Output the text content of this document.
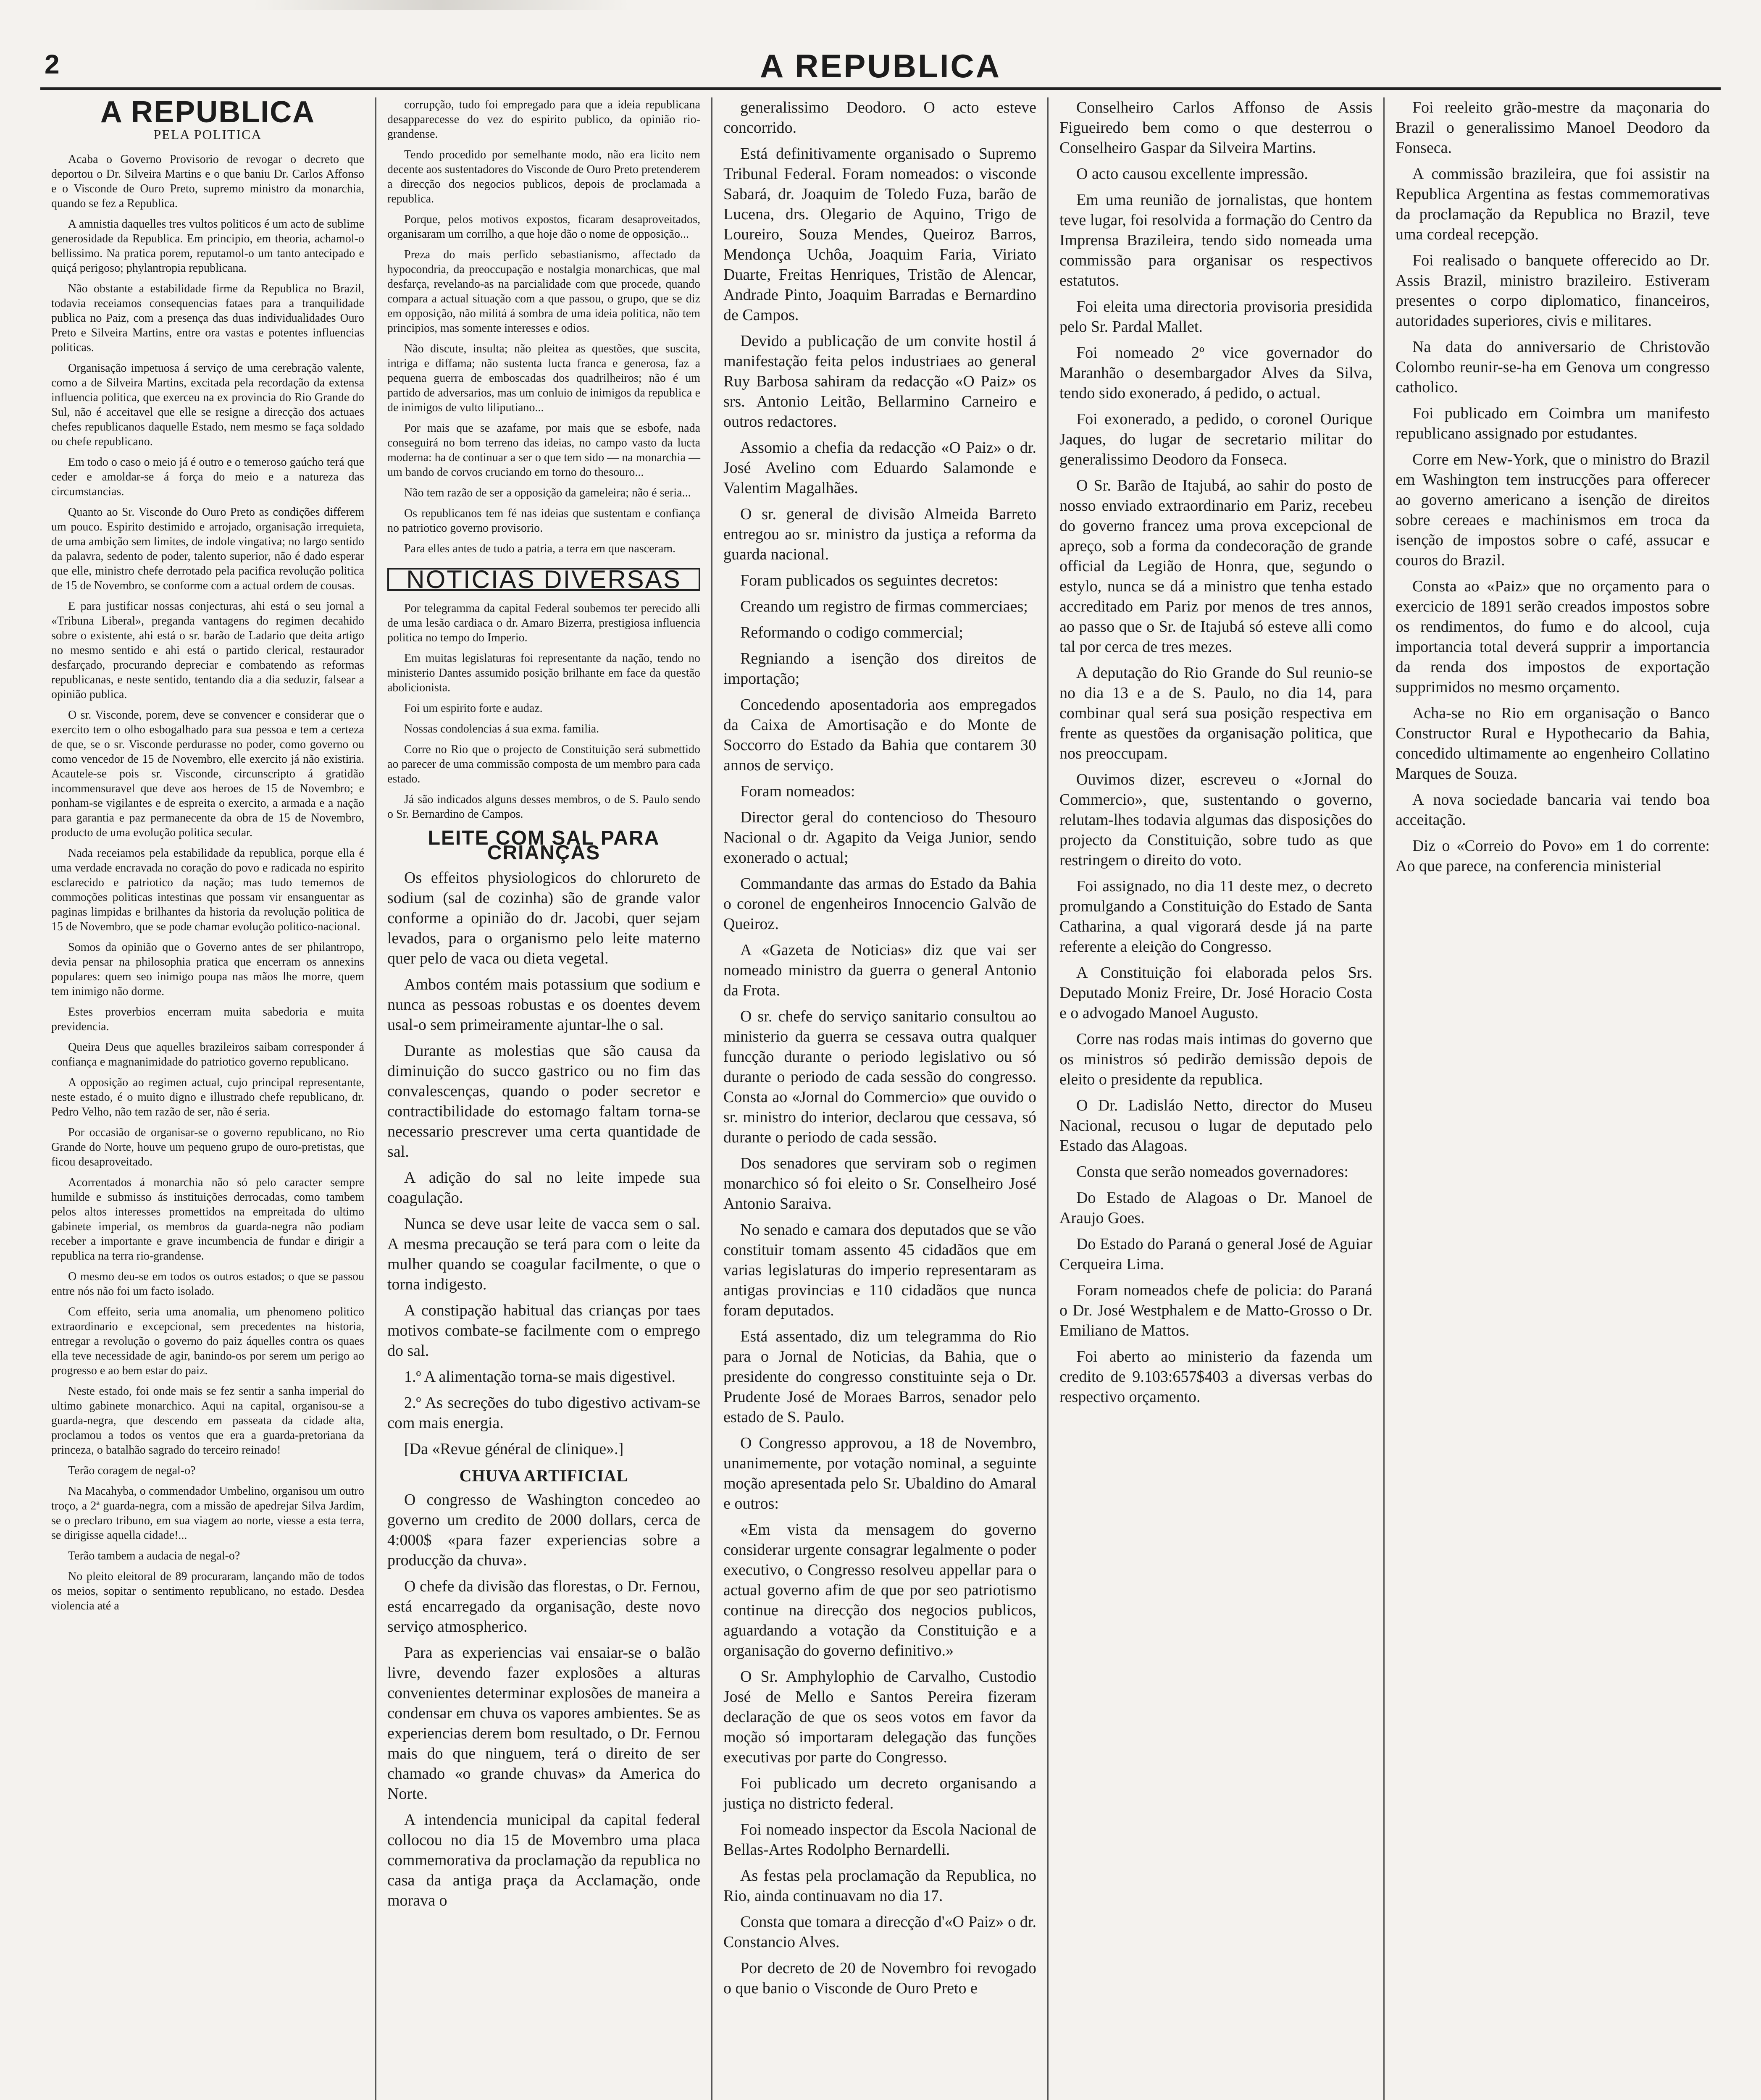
2	A REPUBLICA
A REPUBLICA
PELA POLITICA

Acaba o Governo Provisorio de revogar o decreto que deportou o Dr. Silveira Martins e o que baniu Dr. Carlos Affonso e o Visconde de Ouro Preto, supremo ministro da monarchia, quando se fez a Republica.

A amnistia daquelles tres vultos politicos é um acto de sublime generosidade da Republica. Em principio, em theoria, achamol-o bellissimo. Na pratica porem, reputamol-o um tanto antecipado e quiçá perigoso; phylantropia republicana.

Não obstante a estabilidade firme da Republica no Brazil, todavia receiamos consequencias fataes para a tranquilidade publica no Paiz, com a presença das duas individualidades Ouro Preto e Silveira Martins, entre ora vastas e potentes influencias politicas.

Organisação impetuosa á serviço de uma cerebração valente, como a de Silveira Martins, excitada pela recordação da extensa influencia politica, que exerceu na ex provincia do Rio Grande do Sul, não é acceitavel que elle se resigne a direcção dos actuaes chefes republicanos daquelle Estado, nem mesmo se faça soldado ou chefe republicano.

Em todo o caso o meio já é outro e o temeroso gaúcho terá que ceder e amoldar-se á força do meio e a natureza das circumstancias.

Quanto ao Sr. Visconde do Ouro Preto as condições differem um pouco. Espirito destimido e arrojado, organisação irrequieta, de uma ambição sem limites, de indole vingativa; no largo sentido da palavra, sedento de poder, talento superior, não é dado esperar que elle, ministro chefe derrotado pela pacifica revolução politica de 15 de Novembro, se conforme com a actual ordem de cousas.

E para justificar nossas conjecturas, ahi está o seu jornal a «Tribuna Liberal», preganda vantagens do regimen decahido sobre o existente, ahi está o sr. barão de Ladario que deita artigo no mesmo sentido e ahi está o partido clerical, restaurador desfarçado, procurando depreciar e combatendo as reformas republicanas, e neste sentido, tentando dia a dia seduzir, falsear a opinião publica.

O sr. Visconde, porem, deve se convencer e considerar que o exercito tem o olho esbogalhado para sua pessoa e tem a certeza de que, se o sr. Visconde perdurasse no poder, como governo ou como vencedor de 15 de Novembro, elle exercito já não existiria. Acautele-se pois sr. Visconde, circunscripto á gratidão incommensuravel que deve aos heroes de 15 de Novembro; e ponham-se vigilantes e de espreita o exercito, a armada e a nação para garantia e paz permanecente da obra de 15 de Novembro, producto de uma evolução politica secular.

Nada receiamos pela estabilidade da republica, porque ella é uma verdade encravada no coração do povo e radicada no espirito esclarecido e patriotico da nação; mas tudo tememos de commoções politicas intestinas que possam vir ensanguentar as paginas limpidas e brilhantes da historia da revolução politica de 15 de Novembro, que se pode chamar evolução politico-nacional.

Somos da opinião que o Governo antes de ser philantropo, devia pensar na philosophia pratica que encerram os annexins populares: quem seo inimigo poupa nas mãos lhe morre, quem tem inimigo não dorme.

Estes proverbios encerram muita sabedoria e muita previdencia.

Queira Deus que aquelles brazileiros saibam corresponder á confiança e magnanimidade do patriotico governo republicano.

A opposição ao regimen actual, cujo principal representante, neste estado, é o muito digno e illustrado chefe republicano, dr. Pedro Velho, não tem razão de ser, não é seria.

Por occasião de organisar-se o governo republicano, no Rio Grande do Norte, houve um pequeno grupo de ouro-pretistas, que ficou desaproveitado.

Acorrentados á monarchia não só pelo caracter sempre humilde e submisso ás instituições derrocadas, como tambem pelos altos interesses promettidos na empreitada do ultimo gabinete imperial, os membros da guarda-negra não podiam receber a importante e grave incumbencia de fundar e dirigir a republica na terra rio-grandense.

O mesmo deu-se em todos os outros estados; o que se passou entre nós não foi um facto isolado.

Com effeito, seria uma anomalia, um phenomeno politico extraordinario e excepcional, sem precedentes na historia, entregar a revolução o governo do paiz áquelles contra os quaes ella teve necessidade de agir, banindo-os por serem um perigo ao progresso e ao bem estar do paiz.

Neste estado, foi onde mais se fez sentir a sanha imperial do ultimo gabinete monarchico. Aqui na capital, organisou-se a guarda-negra, que descendo em passeata da cidade alta, proclamou a todos os ventos que era a guarda-pretoriana da princeza, o batalhão sagrado do terceiro reinado!

Terão coragem de negal-o?

Na Macahyba, o commendador Umbelino, organisou um outro troço, a 2ª guarda-negra, com a missão de apedrejar Silva Jardim, se o preclaro tribuno, em sua viagem ao norte, viesse a esta terra, se dirigisse aquella cidade!...

Terão tambem a audacia de negal-o?

No pleito eleitoral de 89 procuraram, lançando mão de todos os meios, sopitar o sentimento republicano, no estado. Desdea violencia até a

corrupção, tudo foi empregado para que a ideia republicana desapparecesse do vez do espirito publico, da opinião rio-grandense.

Tendo procedido por semelhante modo, não era licito nem decente aos sustentadores do Visconde de Ouro Preto pretenderem a direcção dos negocios publicos, depois de proclamada a republica.

Porque, pelos motivos expostos, ficaram desaproveitados, organisaram um corrilho, a que hoje dão o nome de opposição...

Preza do mais perfido sebastianismo, affectado da hypocondria, da preoccupação e nostalgia monarchicas, que mal desfarça, revelando-as na parcialidade com que procede, quando compara a actual situação com a que passou, o grupo, que se diz em opposição, não militá á sombra de uma ideia politica, não tem principios, mas somente interesses e odios.

Não discute, insulta; não pleitea as questões, que suscita, intriga e diffama; não sustenta lucta franca e generosa, faz a pequena guerra de emboscadas dos quadrilheiros; não é um partido de adversarios, mas um conluio de inimigos da republica e de inimigos de vulto liliputiano...

Por mais que se azafame, por mais que se esbofe, nada conseguirá no bom terreno das ideias, no campo vasto da lucta moderna: ha de continuar a ser o que tem sido — na monarchia — um bando de corvos cruciando em torno do thesouro...

Não tem razão de ser a opposição da gameleira; não é seria...

Os republicanos tem fé nas ideias que sustentam e confiança no patriotico governo provisorio.

Para elles antes de tudo a patria, a terra em que nasceram.

NOTICIAS DIVERSAS

Por telegramma da capital Federal soubemos ter perecido alli de uma lesão cardiaca o dr. Amaro Bizerra, prestigiosa influencia politica no tempo do Imperio.

Em muitas legislaturas foi representante da nação, tendo no ministerio Dantes assumido posição brilhante em face da questão abolicionista.

Foi um espirito forte e audaz.

Nossas condolencias á sua exma. familia.

Corre no Rio que o projecto de Constituição será submettido ao parecer de uma commissão composta de um membro para cada estado.

Já são indicados alguns desses membros, o de S. Paulo sendo o Sr. Bernardino de Campos.

LEITE COM SAL PARA CRIANÇAS

Os effeitos physiologicos do chlorureto de sodium (sal de cozinha) são de grande valor conforme a opinião do dr. Jacobi, quer sejam levados, para o organismo pelo leite materno quer pelo de vaca ou dieta vegetal.

Ambos contém mais potassium que sodium e nunca as pessoas robustas e os doentes devem usal-o sem primeiramente ajuntar-lhe o sal.

Durante as molestias que são causa da diminuição do succo gastrico ou no fim das convalescenças, quando o poder secretor e contractibilidade do estomago faltam torna-se necessario prescrever uma certa quantidade de sal.

A adição do sal no leite impede sua coagulação.

Nunca se deve usar leite de vacca sem o sal. A mesma precaução se terá para com o leite da mulher quando se coagular facilmente, o que o torna indigesto.

A constipação habitual das crianças por taes motivos combate-se facilmente com o emprego do sal.

1.º A alimentação torna-se mais digestivel.

2.º As secreções do tubo digestivo activam-se com mais energia.

[Da «Revue général de clinique».]

CHUVA ARTIFICIAL

O congresso de Washington concedeo ao governo um credito de 2000 dollars, cerca de 4:000$ «para fazer experiencias sobre a producção da chuva».

O chefe da divisão das florestas, o Dr. Fernou, está encarregado da organisação, deste novo serviço atmospherico.

Para as experiencias vai ensaiar-se o balão livre, devendo fazer explosões a alturas convenientes determinar explosões de maneira a condensar em chuva os vapores ambientes. Se as experiencias derem bom resultado, o Dr. Fernou mais do que ninguem, terá o direito de ser chamado «o grande chuvas» da America do Norte.

A intendencia municipal da capital federal collocou no dia 15 de Movembro uma placa commemorativa da proclamação da republica no casa da antiga praça da Acclamação, onde morava o

generalissimo Deodoro. O acto esteve concorrido.

Está definitivamente organisado o Supremo Tribunal Federal. Foram nomeados: o visconde Sabará, dr. Joaquim de Toledo Fuza, barão de Lucena, drs. Olegario de Aquino, Trigo de Loureiro, Souza Mendes, Queiroz Barros, Mendonça Uchôa, Joaquim Faria, Viriato Duarte, Freitas Henriques, Tristão de Alencar, Andrade Pinto, Joaquim Barradas e Bernardino de Campos.

Devido a publicação de um convite hostil á manifestação feita pelos industriaes ao general Ruy Barbosa sahiram da redacção «O Paiz» os srs. Antonio Leitão, Bellarmino Carneiro e outros redactores.

Assomio a chefia da redacção «O Paiz» o dr. José Avelino com Eduardo Salamonde e Valentim Magalhães.

O sr. general de divisão Almeida Barreto entregou ao sr. ministro da justiça a reforma da guarda nacional.

Foram publicados os seguintes decretos:

Creando um registro de firmas commerciaes;

Reformando o codigo commercial;

Regniando a isenção dos direitos de importação;

Concedendo aposentadoria aos empregados da Caixa de Amortisação e do Monte de Soccorro do Estado da Bahia que contarem 30 annos de serviço.

Foram nomeados:

Director geral do contencioso do Thesouro Nacional o dr. Agapito da Veiga Junior, sendo exonerado o actual;

Commandante das armas do Estado da Bahia o coronel de engenheiros Innocencio Galvão de Queiroz.

A «Gazeta de Noticias» diz que vai ser nomeado ministro da guerra o general Antonio da Frota.

O sr. chefe do serviço sanitario consultou ao ministerio da guerra se cessava outra qualquer funcção durante o periodo legislativo ou só durante o periodo de cada sessão do congresso. Consta ao «Jornal do Commercio» que ouvido o sr. ministro do interior, declarou que cessava, só durante o periodo de cada sessão.

Dos senadores que serviram sob o regimen monarchico só foi eleito o Sr. Conselheiro José Antonio Saraiva.

No senado e camara dos deputados que se vão constituir tomam assento 45 cidadãos que em varias legislaturas do imperio representaram as antigas provincias e 110 cidadãos que nunca foram deputados.

Está assentado, diz um telegramma do Rio para o Jornal de Noticias, da Bahia, que o presidente do congresso constituinte seja o Dr. Prudente José de Moraes Barros, senador pelo estado de S. Paulo.

O Congresso approvou, a 18 de Novembro, unanimemente, por votação nominal, a seguinte moção apresentada pelo Sr. Ubaldino do Amaral e outros:

«Em vista da mensagem do governo considerar urgente consagrar legalmente o poder executivo, o Congresso resolveu appellar para o actual governo afim de que por seo patriotismo continue na direcção dos negocios publicos, aguardando a votação da Constituição e a organisação do governo definitivo.»

O Sr. Amphylophio de Carvalho, Custodio José de Mello e Santos Pereira fizeram declaração de que os seos votos em favor da moção só importaram delegação das funções executivas por parte do Congresso.

Foi publicado um decreto organisando a justiça no districto federal.

Foi nomeado inspector da Escola Nacional de Bellas-Artes Rodolpho Bernardelli.

As festas pela proclamação da Republica, no Rio, ainda continuavam no dia 17.

Consta que tomara a direcção d'«O Paiz» o dr. Constancio Alves.

Por decreto de 20 de Novembro foi revogado o que banio o Visconde de Ouro Preto e

Conselheiro Carlos Affonso de Assis Figueiredo bem como o que desterrou o Conselheiro Gaspar da Silveira Martins.

O acto causou excellente impressão.

Em uma reunião de jornalistas, que hontem teve lugar, foi resolvida a formação do Centro da Imprensa Brazileira, tendo sido nomeada uma commissão para organisar os respectivos estatutos.

Foi eleita uma directoria provisoria presidida pelo Sr. Pardal Mallet.

Foi nomeado 2º vice governador do Maranhão o desembargador Alves da Silva, tendo sido exonerado, á pedido, o actual.

Foi exonerado, a pedido, o coronel Ourique Jaques, do lugar de secretario militar do generalissimo Deodoro da Fonseca.

O Sr. Barão de Itajubá, ao sahir do posto de nosso enviado extraordinario em Pariz, recebeu do governo francez uma prova excepcional de apreço, sob a forma da condecoração de grande official da Legião de Honra, que, segundo o estylo, nunca se dá a ministro que tenha estado accreditado em Pariz por menos de tres annos, ao passo que o Sr. de Itajubá só esteve alli como tal por cerca de tres mezes.

A deputação do Rio Grande do Sul reunio-se no dia 13 e a de S. Paulo, no dia 14, para combinar qual será sua posição respectiva em frente as questões da organisação politica, que nos preoccupam.

Ouvimos dizer, escreveu o «Jornal do Commercio», que, sustentando o governo, relutam-lhes todavia algumas das disposições do projecto da Constituição, sobre tudo as que restringem o direito do voto.

Foi assignado, no dia 11 deste mez, o decreto promulgando a Constituição do Estado de Santa Catharina, a qual vigorará desde já na parte referente a eleição do Congresso.

A Constituição foi elaborada pelos Srs. Deputado Moniz Freire, Dr. José Horacio Costa e o advogado Manoel Augusto.

Corre nas rodas mais intimas do governo que os ministros só pedirão demissão depois de eleito o presidente da republica.

O Dr. Ladisláo Netto, director do Museu Nacional, recusou o lugar de deputado pelo Estado das Alagoas.

Consta que serão nomeados governadores:

Do Estado de Alagoas o Dr. Manoel de Araujo Goes.

Do Estado do Paraná o general José de Aguiar Cerqueira Lima.

Foram nomeados chefe de policia: do Paraná o Dr. José Westphalem e de Matto-Grosso o Dr. Emiliano de Mattos.

Foi aberto ao ministerio da fazenda um credito de 9.103:657$403 a diversas verbas do respectivo orçamento.

Foi reeleito grão-mestre da maçonaria do Brazil o generalissimo Manoel Deodoro da Fonseca.

A commissão brazileira, que foi assistir na Republica Argentina as festas commemorativas da proclamação da Republica no Brazil, teve uma cordeal recepção.

Foi realisado o banquete offerecido ao Dr. Assis Brazil, ministro brazileiro. Estiveram presentes o corpo diplomatico, financeiros, autoridades superiores, civis e militares.

Na data do anniversario de Christovão Colombo reunir-se-ha em Genova um congresso catholico.

Foi publicado em Coimbra um manifesto republicano assignado por estudantes.

Corre em New-York, que o ministro do Brazil em Washington tem instrucções para offerecer ao governo americano a isenção de direitos sobre cereaes e machinismos em troca da isenção de impostos sobre o café, assucar e couros do Brazil.

Consta ao «Paiz» que no orçamento para o exercicio de 1891 serão creados impostos sobre os rendimentos, do fumo e do alcool, cuja importancia total deverá supprir a importancia da renda dos impostos de exportação supprimidos no mesmo orçamento.

Acha-se no Rio em organisação o Banco Constructor Rural e Hypothecario da Bahia, concedido ultimamente ao engenheiro Collatino Marques de Souza.

A nova sociedade bancaria vai tendo boa acceitação.

Diz o «Correio do Povo» em 1 do corrente: Ao que parece, na conferencia ministerial
